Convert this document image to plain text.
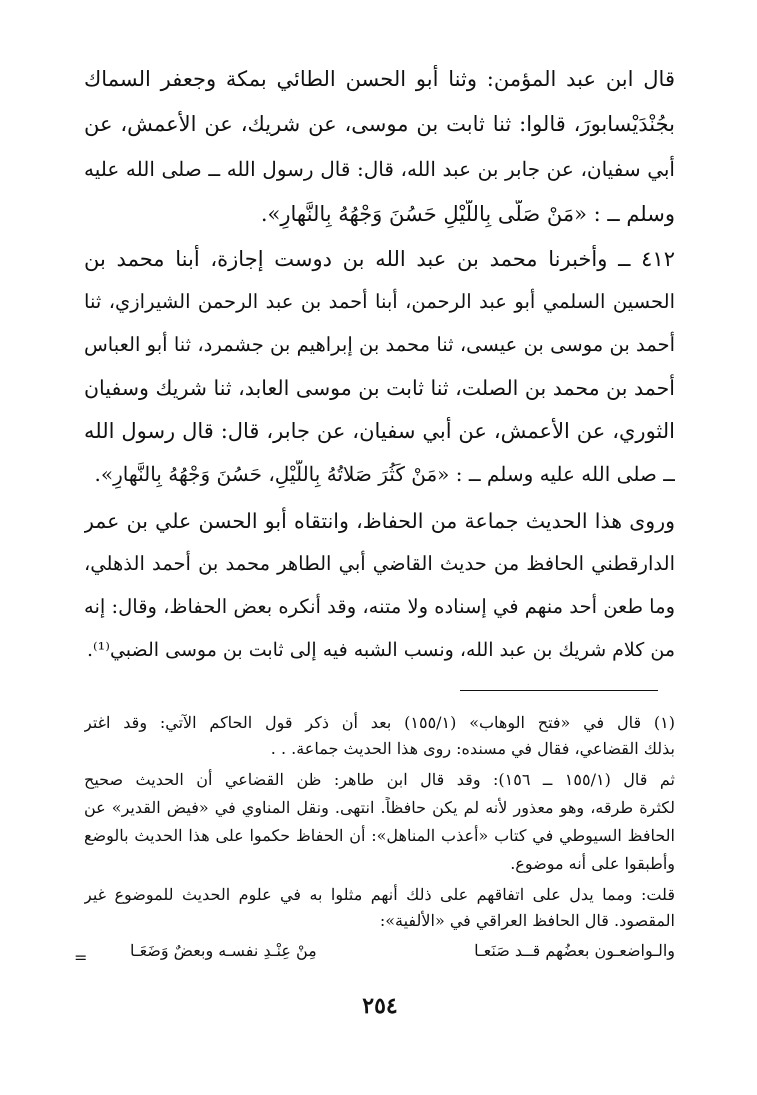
قال ابن عبد المؤمن: وثنا أبو الحسن الطائي بمكة وجعفر السماك
بجُنْدَيْسابورَ، قالوا: ثنا ثابت بن موسى، عن شريك، عن الأعمش، عن
أبي سفيان، عن جابر بن عبد الله، قال: قال رسول الله ــ صلى الله عليه
وسلم ــ : «مَنْ صَلّى بِاللَّيْلِ حَسُنَ وَجْهُهُ بِالنَّهارِ».
٤١٢ ــ وأخبرنا محمد بن عبد الله بن دوست إجازة، أبنا محمد بن
الحسين السلمي أبو عبد الرحمن، أبنا أحمد بن عبد الرحمن الشيرازي، ثنا
أحمد بن موسى بن عيسى، ثنا محمد بن إبراهيم بن جشمرد، ثنا أبو العباس
أحمد بن محمد بن الصلت، ثنا ثابت بن موسى العابد، ثنا شريك وسفيان
الثوري، عن الأعمش، عن أبي سفيان، عن جابر، قال: قال رسول الله
ــ صلى الله عليه وسلم ــ : «مَنْ كَثُرَ صَلاتُهُ بِاللَّيْلِ، حَسُنَ وَجْهُهُ بِالنَّهارِ».
وروى هذا الحديث جماعة من الحفاظ، وانتقاه أبو الحسن علي بن عمر
الدارقطني الحافظ من حديث القاضي أبي الطاهر محمد بن أحمد الذهلي،
وما طعن أحد منهم في إسناده ولا متنه، وقد أنكره بعض الحفاظ، وقال: إنه
من كلام شريك بن عبد الله، ونسب الشبه فيه إلى ثابت بن موسى الضبي⁽¹⁾.
(١) قال في «فتح الوهاب» (١٥٥/١) بعد أن ذكر قول الحاكم الآتي: وقد اغتر
بذلك القضاعي، فقال في مسنده: روى هذا الحديث جماعة. . .
ثم قال (١٥٥/١ ــ ١٥٦): وقد قال ابن طاهر: ظن القضاعي أن الحديث صحيح
لكثرة طرقه، وهو معذور لأنه لم يكن حافظاً. انتهى. ونقل المناوي في «فيض القدير» عن
الحافظ السيوطي في كتاب «أعذب المناهل»: أن الحفاظ حكموا على هذا الحديث بالوضع
وأطبقوا على أنه موضوع.
قلت: ومما يدل على اتفاقهم على ذلك أنهم مثلوا به في علوم الحديث للموضوع غير
المقصود. قال الحافظ العراقي في «الألفية»:
والـواضعـون بعضُهم قــد صَنَعـا
مِنْ عِنْـدِ نفسـه وبعضٌ وَضَعَـا
=
٢٥٤
